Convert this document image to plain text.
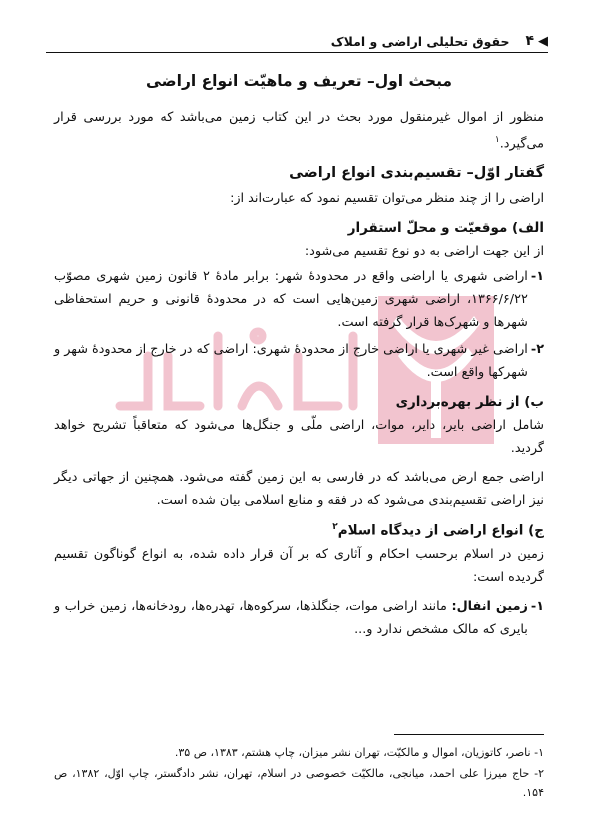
◀
۴
حقوق تحلیلی اراضی و املاک
مبحث اول– تعریف و ماهیّت انواع اراضی

منظور از اموال غیرمنقول مورد بحث در این کتاب زمین می‌باشد که مورد بررسی قرار می‌گیرد.$^۱$

گفتار اوّل– تقسیم‌بندی انواع اراضی

اراضی را از چند منظر می‌توان تقسیم نمود که عبارت‌اند از:

الف) موقعیّت و محلّ استقرار

از این جهت اراضی به دو نوع تقسیم می‌شود:

۱-
اراضی شهری یا اراضی واقع در محدودهٔ شهر: برابر مادهٔ ۲ قانون زمین شهری مصوّب ۱۳۶۶/۶/۲۲، اراضی شهری زمین‌هایی است که در محدودهٔ قانونی و حریم استحفاظی شهرها و شهرک‌ها قرار گرفته است.
۲-
اراضی غیر شهری یا اراضی خارج از محدودهٔ شهری: اراضی که در خارج از محدودهٔ شهر و شهرکها واقع است.
ب) از نظر بهره‌برداری

شامل اراضی بایر، دایر، موات، اراضی ملّی و جنگل‌ها می‌شود که متعاقباً تشریح خواهد گردید.

اراضی جمع ارض می‌باشد که در فارسی به این زمین گفته می‌شود. همچنین از جهاتی دیگر نیز اراضی تقسیم‌بندی می‌شود که در فقه و منابع اسلامی بیان شده است.

ج) انواع اراضی از دیدگاه اسلام$^۲$

زمین در اسلام برحسب احکام و آثاری که بر آن قرار داده شده، به انواع گوناگون تقسیم گردیده است:

۱-
زمین انفال: مانند اراضی موات، جنگلذها، سرکوه‌ها، تهدره‌ها، رودخانه‌ها، زمین خراب و بایری که مالک مشخص ندارد و...

۱- ناصر، کاتوزیان، اموال و مالکیّت، تهران نشر میزان، چاپ هشتم، ۱۳۸۳، ص ۳۵.

۲- حاج میرزا علی احمد، میانجی، مالکیّت خصوصی در اسلام، تهران، نشر دادگستر، چاپ اوّل، ۱۳۸۲، ص ۱۵۴.
